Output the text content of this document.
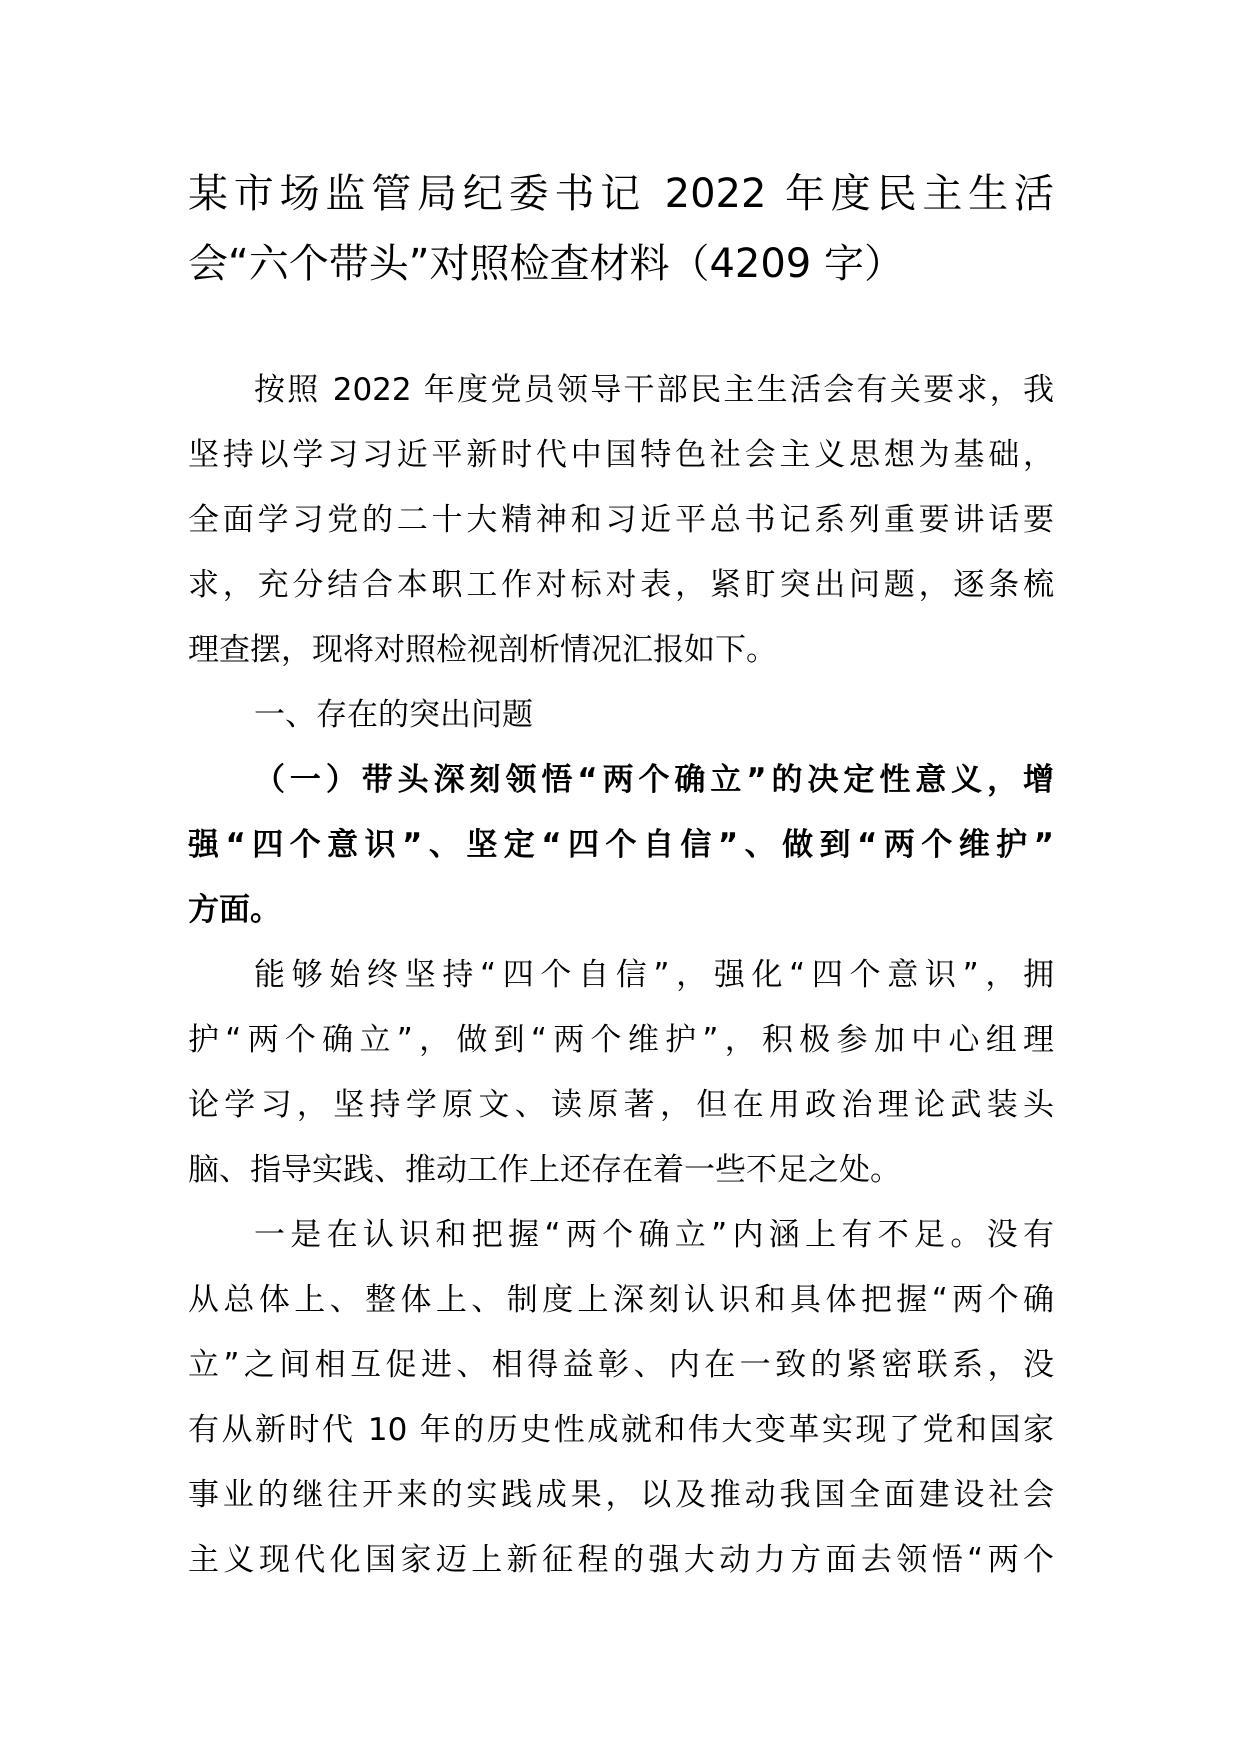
某市场监管局纪委书记 2022 年度民主生活
会“六个带头”对照检查材料（4209 字）
按照 2022 年度党员领导干部民主生活会有关要求，我
坚持以学习习近平新时代中国特色社会主义思想为基础，
全面学习党的二十大精神和习近平总书记系列重要讲话要
求，充分结合本职工作对标对表，紧盯突出问题，逐条梳
理查摆，现将对照检视剖析情况汇报如下。
一、存在的突出问题
（一）带头深刻领悟“两个确立”的决定性意义，增
强“四个意识”、坚定“四个自信”、做到“两个维护”
方面。
能够始终坚持“四个自信”，强化“四个意识”，拥
护“两个确立”，做到“两个维护”，积极参加中心组理
论学习，坚持学原文、读原著，但在用政治理论武装头
脑、指导实践、推动工作上还存在着一些不足之处。
一是在认识和把握“两个确立”内涵上有不足。没有
从总体上、整体上、制度上深刻认识和具体把握“两个确
立”之间相互促进、相得益彰、内在一致的紧密联系，没
有从新时代 10 年的历史性成就和伟大变革实现了党和国家
事业的继往开来的实践成果，以及推动我国全面建设社会
主义现代化国家迈上新征程的强大动力方面去领悟“两个
